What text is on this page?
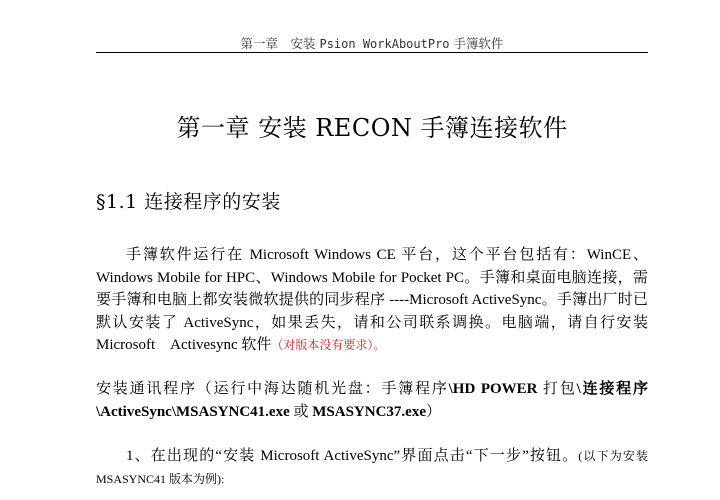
第一章　安装 Psion WorkAboutPro 手簿软件
第一章 安装 RECON 手簿连接软件
§1.1 连接程序的安装
手簿软件运行在 Microsoft Windows CE 平台，这个平台包括有：WinCE、Windows Mobile for HPC、Windows Mobile for Pocket PC。手簿和桌面电脑连接，需要手簿和电脑上都安装微软提供的同步程序 ----Microsoft ActiveSync。手簿出厂时已默认安装了 ActiveSync，如果丢失，请和公司联系调换。电脑端，请自行安装 Microsoft　Activesync 软件（对版本没有要求）。
安装通讯程序（运行中海达随机光盘：手簿程序\HD POWER 打包\连接程序\ActiveSync\MSASYNC41.exe 或 MSASYNC37.exe）
1、在出现的“安装 Microsoft ActiveSync”界面点击“下一步”按钮。(以下为安装 MSASYNC41 版本为例):
